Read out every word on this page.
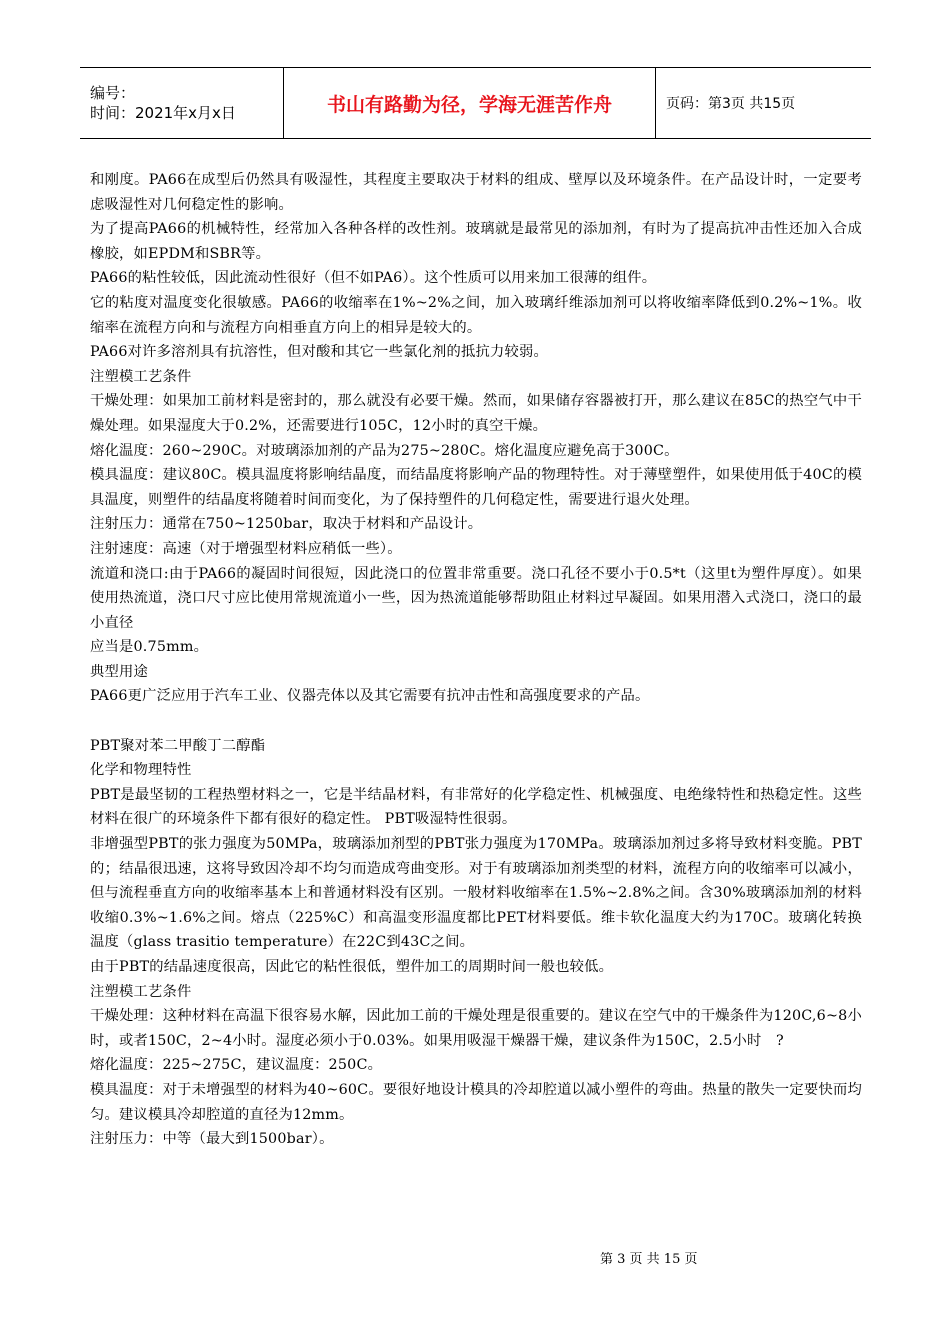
编号：
时间：2021年x月x日	书山有路勤为径，学海无涯苦作舟	页码：第3页 共15页

和刚度。PA66在成型后仍然具有吸湿性，其程度主要取决于材料的组成、壁厚以及环境条件。在产品设计时，一定要考虑吸湿性对几何稳定性的影响。

为了提高PA66的机械特性，经常加入各种各样的改性剂。玻璃就是最常见的添加剂，有时为了提高抗冲击性还加入合成橡胶，如EPDM和SBR等。

PA66的粘性较低，因此流动性很好（但不如PA6）。这个性质可以用来加工很薄的组件。

它的粘度对温度变化很敏感。PA66的收缩率在1%~2%之间，加入玻璃纤维添加剂可以将收缩率降低到0.2%~1%。收缩率在流程方向和与流程方向相垂直方向上的相异是较大的。

PA66对许多溶剂具有抗溶性，但对酸和其它一些氯化剂的抵抗力较弱。

注塑模工艺条件

干燥处理：如果加工前材料是密封的，那么就没有必要干燥。然而，如果储存容器被打开，那么建议在85C的热空气中干燥处理。如果湿度大于0.2%，还需要进行105C，12小时的真空干燥。

熔化温度：260~290C。对玻璃添加剂的产品为275~280C。熔化温度应避免高于300C。

模具温度：建议80C。模具温度将影响结晶度，而结晶度将影响产品的物理特性。对于薄壁塑件，如果使用低于40C的模具温度，则塑件的结晶度将随着时间而变化，为了保持塑件的几何稳定性，需要进行退火处理。

注射压力：通常在750~1250bar，取决于材料和产品设计。

注射速度：高速（对于增强型材料应稍低一些）。

流道和浇口:由于PA66的凝固时间很短，因此浇口的位置非常重要。浇口孔径不要小于0.5*t（这里t为塑件厚度）。如果使用热流道，浇口尺寸应比使用常规流道小一些，因为热流道能够帮助阻止材料过早凝固。如果用潜入式浇口，浇口的最小直径

应当是0.75mm。

典型用途

PA66更广泛应用于汽车工业、仪器壳体以及其它需要有抗冲击性和高强度要求的产品。

PBT聚对苯二甲酸丁二醇酯

化学和物理特性

PBT是最坚韧的工程热塑材料之一，它是半结晶材料，有非常好的化学稳定性、机械强度、电绝缘特性和热稳定性。这些材料在很广的环境条件下都有很好的稳定性。 PBT吸湿特性很弱。

非增强型PBT的张力强度为50MPa，玻璃添加剂型的PBT张力强度为170MPa。玻璃添加剂过多将导致材料变脆。PBT的；结晶很迅速，这将导致因冷却不均匀而造成弯曲变形。对于有玻璃添加剂类型的材料，流程方向的收缩率可以减小，但与流程垂直方向的收缩率基本上和普通材料没有区别。一般材料收缩率在1.5%~2.8%之间。含30%玻璃添加剂的材料收缩0.3%~1.6%之间。熔点（225%C）和高温变形温度都比PET材料要低。维卡软化温度大约为170C。玻璃化转换温度（glass trasitio temperature）在22C到43C之间。

由于PBT的结晶速度很高，因此它的粘性很低，塑件加工的周期时间一般也较低。

注塑模工艺条件

干燥处理：这种材料在高温下很容易水解，因此加工前的干燥处理是很重要的。建议在空气中的干燥条件为120C,6~8小时，或者150C，2~4小时。湿度必须小于0.03%。如果用吸湿干燥器干燥，建议条件为150C，2.5小时　?

熔化温度：225~275C，建议温度：250C。

模具温度：对于未增强型的材料为40~60C。要很好地设计模具的冷却腔道以减小塑件的弯曲。热量的散失一定要快而均匀。建议模具冷却腔道的直径为12mm。

注射压力：中等（最大到1500bar）。

第 3 页 共 15 页
